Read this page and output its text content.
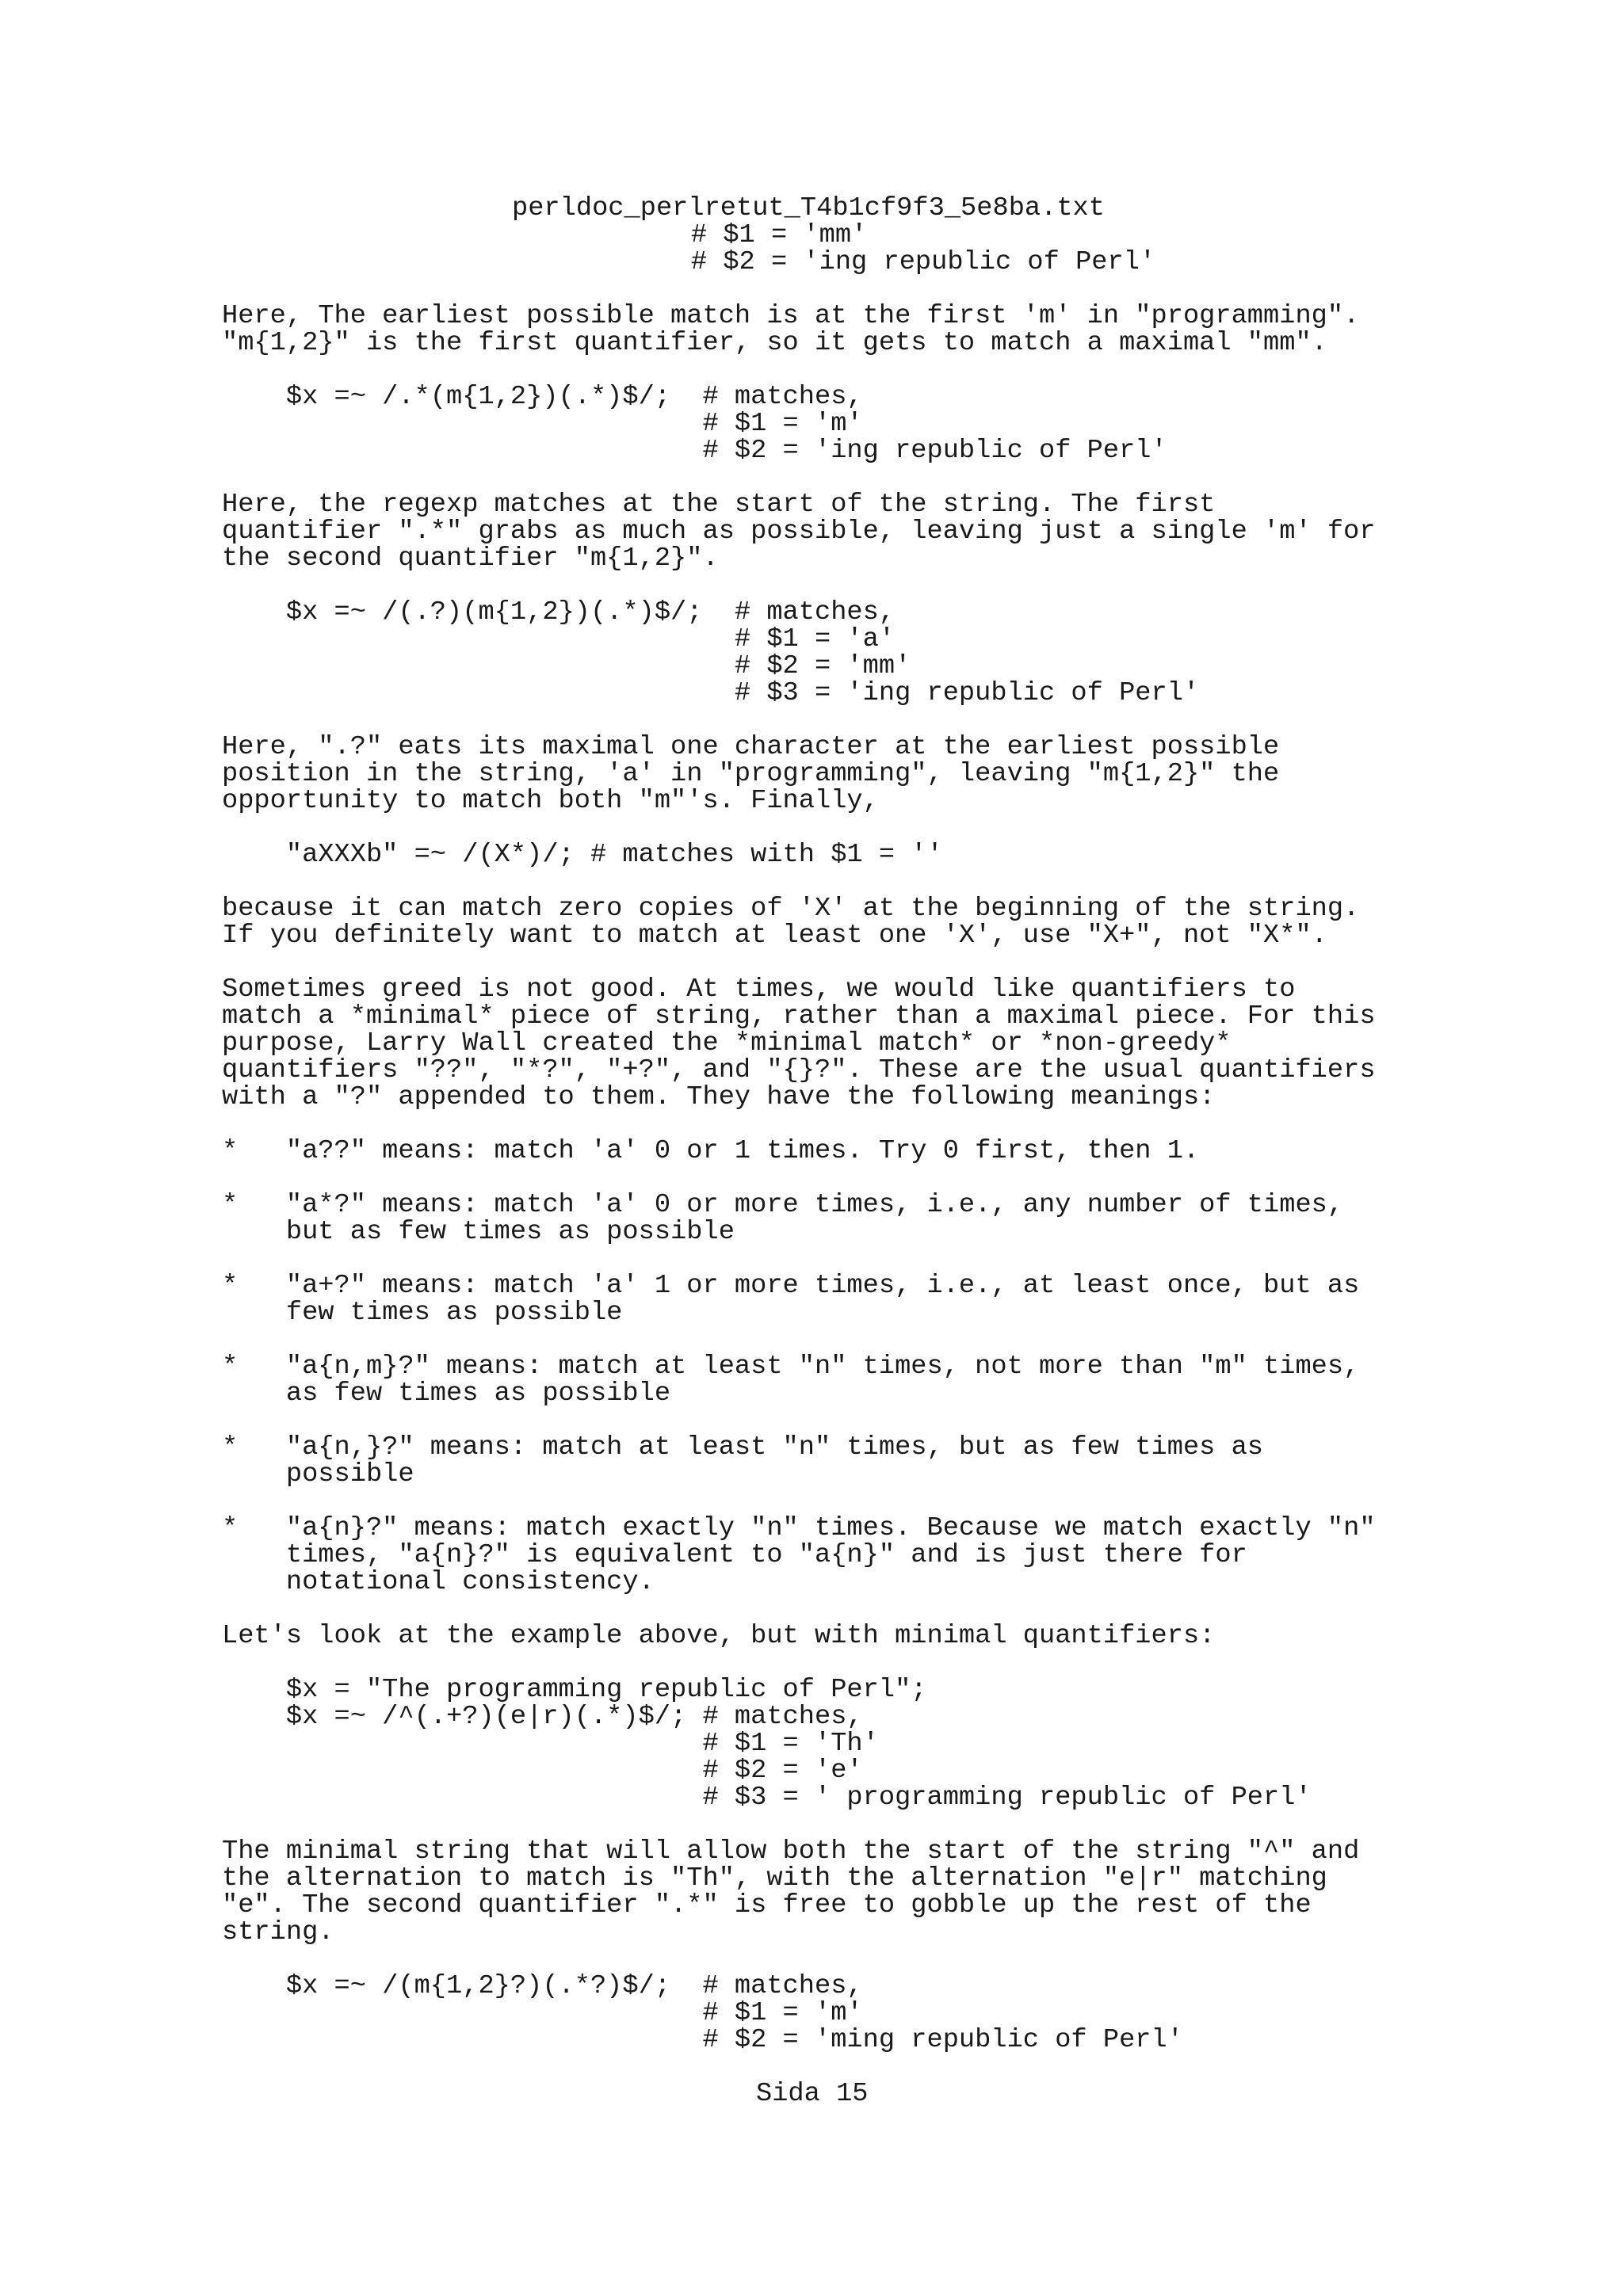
perldoc_perlretut_T4b1cf9f3_5e8ba.txt
# $1 = 'mm'
# $2 = 'ing republic of Perl'
Here, The earliest possible match is at the first 'm' in "programming".
"m{1,2}" is the first quantifier, so it gets to match a maximal "mm".
$x =~ /.*(m{1,2})(.*)$/;  # matches,
# $1 = 'm'
# $2 = 'ing republic of Perl'
Here, the regexp matches at the start of the string. The first
quantifier ".*" grabs as much as possible, leaving just a single 'm' for
the second quantifier "m{1,2}".
$x =~ /(.?)(m{1,2})(.*)$/;  # matches,
# $1 = 'a'
# $2 = 'mm'
# $3 = 'ing republic of Perl'
Here, ".?" eats its maximal one character at the earliest possible
position in the string, 'a' in "programming", leaving "m{1,2}" the
opportunity to match both "m"'s. Finally,
"aXXXb" =~ /(X*)/; # matches with $1 = ''
because it can match zero copies of 'X' at the beginning of the string.
If you definitely want to match at least one 'X', use "X+", not "X*".
Sometimes greed is not good. At times, we would like quantifiers to
match a *minimal* piece of string, rather than a maximal piece. For this
purpose, Larry Wall created the *minimal match* or *non-greedy*
quantifiers "??", "*?", "+?", and "{}?". These are the usual quantifiers
with a "?" appended to them. They have the following meanings:
*   "a??" means: match 'a' 0 or 1 times. Try 0 first, then 1.
*   "a*?" means: match 'a' 0 or more times, i.e., any number of times,
but as few times as possible
*   "a+?" means: match 'a' 1 or more times, i.e., at least once, but as
few times as possible
*   "a{n,m}?" means: match at least "n" times, not more than "m" times,
as few times as possible
*   "a{n,}?" means: match at least "n" times, but as few times as
possible
*   "a{n}?" means: match exactly "n" times. Because we match exactly "n"
times, "a{n}?" is equivalent to "a{n}" and is just there for
notational consistency.
Let's look at the example above, but with minimal quantifiers:
$x = "The programming republic of Perl";
$x =~ /^(.+?)(e|r)(.*)$/; # matches,
# $1 = 'Th'
# $2 = 'e'
# $3 = ' programming republic of Perl'
The minimal string that will allow both the start of the string "^" and
the alternation to match is "Th", with the alternation "e|r" matching
"e". The second quantifier ".*" is free to gobble up the rest of the
string.
$x =~ /(m{1,2}?)(.*?)$/;  # matches,
# $1 = 'm'
# $2 = 'ming republic of Perl'
Sida 15
